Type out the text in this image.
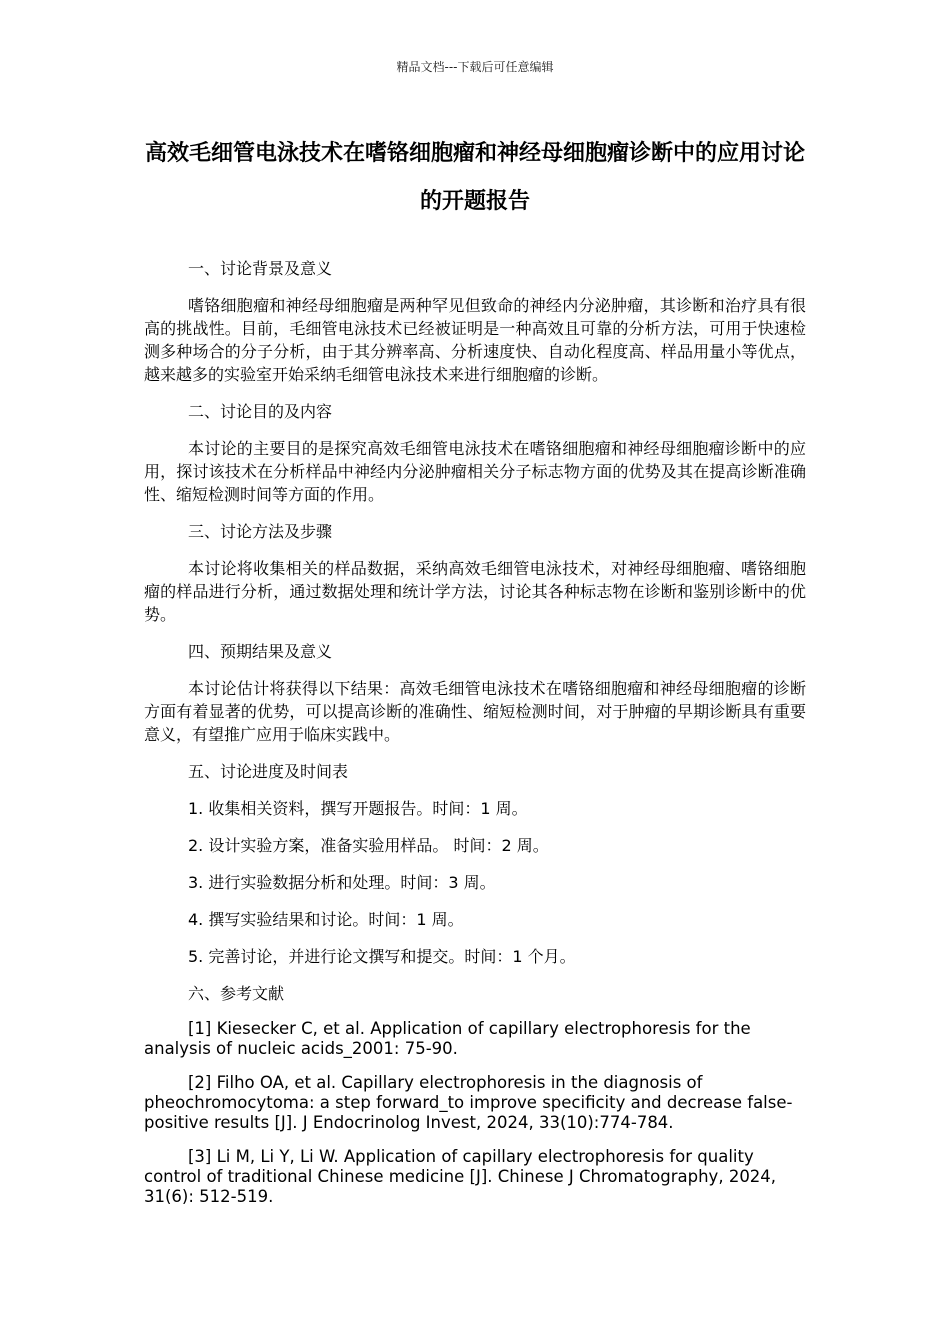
精品文档---下载后可任意编辑
高效毛细管电泳技术在嗜铬细胞瘤和神经母细胞瘤诊断中的应用讨论的开题报告

一、讨论背景及意义

嗜铬细胞瘤和神经母细胞瘤是两种罕见但致命的神经内分泌肿瘤，其诊断和治疗具有很高的挑战性。目前，毛细管电泳技术已经被证明是一种高效且可靠的分析方法，可用于快速检测多种场合的分子分析，由于其分辨率高、分析速度快、自动化程度高、样品用量小等优点，越来越多的实验室开始采纳毛细管电泳技术来进行细胞瘤的诊断。

二、讨论目的及内容

本讨论的主要目的是探究高效毛细管电泳技术在嗜铬细胞瘤和神经母细胞瘤诊断中的应用，探讨该技术在分析样品中神经内分泌肿瘤相关分子标志物方面的优势及其在提高诊断准确性、缩短检测时间等方面的作用。

三、讨论方法及步骤

本讨论将收集相关的样品数据，采纳高效毛细管电泳技术，对神经母细胞瘤、嗜铬细胞瘤的样品进行分析，通过数据处理和统计学方法，讨论其各种标志物在诊断和鉴别诊断中的优势。

四、预期结果及意义

本讨论估计将获得以下结果：高效毛细管电泳技术在嗜铬细胞瘤和神经母细胞瘤的诊断方面有着显著的优势，可以提高诊断的准确性、缩短检测时间，对于肿瘤的早期诊断具有重要意义，有望推广应用于临床实践中。

五、讨论进度及时间表

1. 收集相关资料，撰写开题报告。时间：1 周。

2. 设计实验方案，准备实验用样品。 时间：2 周。

3. 进行实验数据分析和处理。时间：3 周。

4. 撰写实验结果和讨论。时间：1 周。

5. 完善讨论，并进行论文撰写和提交。时间：1 个月。

六、参考文献

[1] Kiesecker C, et al. Application of capillary electrophoresis for the analysis of nucleic acids_2001: 75-90.

[2] Filho OA, et al. Capillary electrophoresis in the diagnosis of pheochromocytoma: a step forward_to improve specificity and decrease false-positive results [J]. J Endocrinolog Invest, 2024, 33(10):774-784.

[3] Li M, Li Y, Li W. Application of capillary electrophoresis for quality control of traditional Chinese medicine [J]. Chinese J Chromatography, 2024, 31(6): 512-519.
